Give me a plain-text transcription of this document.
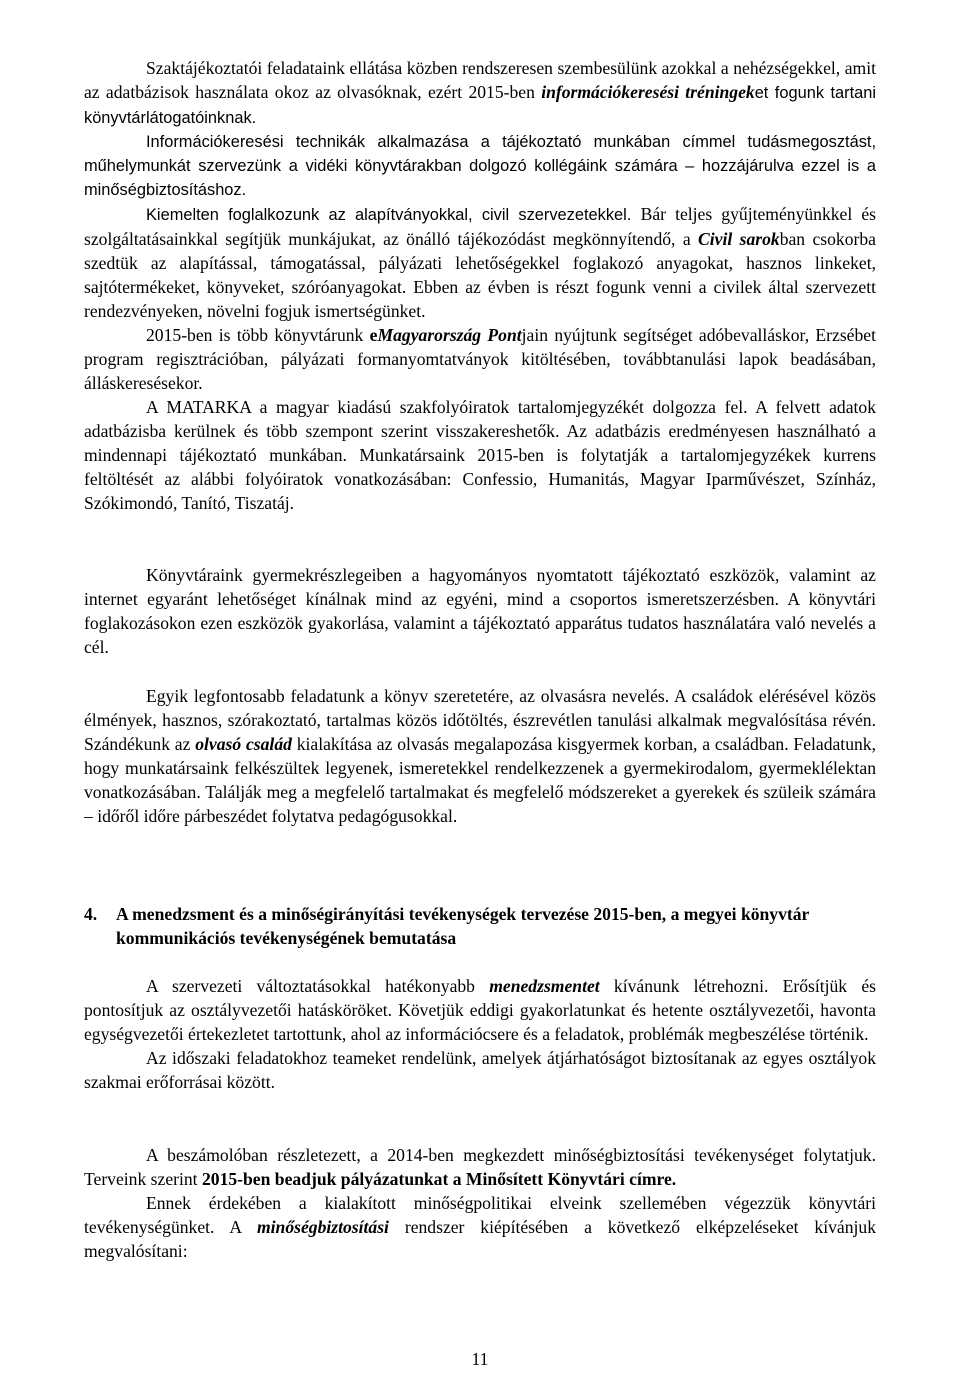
Szaktájékoztatói feladataink ellátása közben rendszeresen szembesülünk azokkal a nehézségekkel, amit az adatbázisok használata okoz az olvasóknak, ezért 2015-ben információkeresési tréningeket fogunk tartani könyvtárlátogatóinknak.

Információkeresési technikák alkalmazása a tájékoztató munkában címmel tudásmegosztást, műhelymunkát szervezünk a vidéki könyvtárakban dolgozó kollégáink számára – hozzájárulva ezzel is a minőségbiztosításhoz.

Kiemelten foglalkozunk az alapítványokkal, civil szervezetekkel. Bár teljes gyűjteményünkkel és szolgáltatásainkkal segítjük munkájukat, az önálló tájékozódást megkönnyítendő, a Civil sarokban csokorba szedtük az alapítással, támogatással, pályázati lehetőségekkel foglakozó anyagokat, hasznos linkeket, sajtótermékeket, könyveket, szóróanyagokat. Ebben az évben is részt fogunk venni a civilek által szervezett rendezvényeken, növelni fogjuk ismertségünket.

2015-ben is több könyvtárunk eMagyarország Pontjain nyújtunk segítséget adóbevalláskor, Erzsébet program regisztrációban, pályázati formanyomtatványok kitöltésében, továbbtanulási lapok beadásában, álláskeresésekor.

A MATARKA a magyar kiadású szakfolyóiratok tartalomjegyzékét dolgozza fel. A felvett adatok adatbázisba kerülnek és több szempont szerint visszakereshetők. Az adatbázis eredményesen használható a mindennapi tájékoztató munkában. Munkatársaink 2015-ben is folytatják a tartalomjegyzékek kurrens feltöltését az alábbi folyóiratok vonatkozásában: Confessio, Humanitás, Magyar Iparművészet, Színház, Szókimondó, Tanító, Tiszatáj.

Könyvtáraink gyermekrészlegeiben a hagyományos nyomtatott tájékoztató eszközök, valamint az internet egyaránt lehetőséget kínálnak mind az egyéni, mind a csoportos ismeretszerzésben. A könyvtári foglakozásokon ezen eszközök gyakorlása, valamint a tájékoztató apparátus tudatos használatára való nevelés a cél.

Egyik legfontosabb feladatunk a könyv szeretetére, az olvasásra nevelés. A családok elérésével közös élmények, hasznos, szórakoztató, tartalmas közös időtöltés, észrevétlen tanulási alkalmak megvalósítása révén. Szándékunk az olvasó család kialakítása az olvasás megalapozása kisgyermek korban, a családban. Feladatunk, hogy munkatársaink felkészültek legyenek, ismeretekkel rendelkezzenek a gyermekirodalom, gyermeklélektan vonatkozásában. Találják meg a megfelelő tartalmakat és megfelelő módszereket a gyerekek és szüleik számára – időről időre párbeszédet folytatva pedagógusokkal.

4.	A menedzsment és a minőségirányítási tevékenységek tervezése 2015-ben, a megyei könyvtár kommunikációs tevékenységének bemutatása

A szervezeti változtatásokkal hatékonyabb menedzsmentet kívánunk létrehozni. Erősítjük és pontosítjuk az osztályvezetői hatásköröket. Követjük eddigi gyakorlatunkat és hetente osztályvezetői, havonta egységvezetői értekezletet tartottunk, ahol az információcsere és a feladatok, problémák megbeszélése történik.

Az időszaki feladatokhoz teameket rendelünk, amelyek átjárhatóságot biztosítanak az egyes osztályok szakmai erőforrásai között.

A beszámolóban részletezett, a 2014-ben megkezdett minőségbiztosítási tevékenységet folytatjuk. Terveink szerint 2015-ben beadjuk pályázatunkat a Minősített Könyvtári címre.

Ennek érdekében a kialakított minőségpolitikai elveink szellemében végezzük könyvtári tevékenységünket. A minőségbiztosítási rendszer kiépítésében a következő elképzeléseket kívánjuk megvalósítani:

11
